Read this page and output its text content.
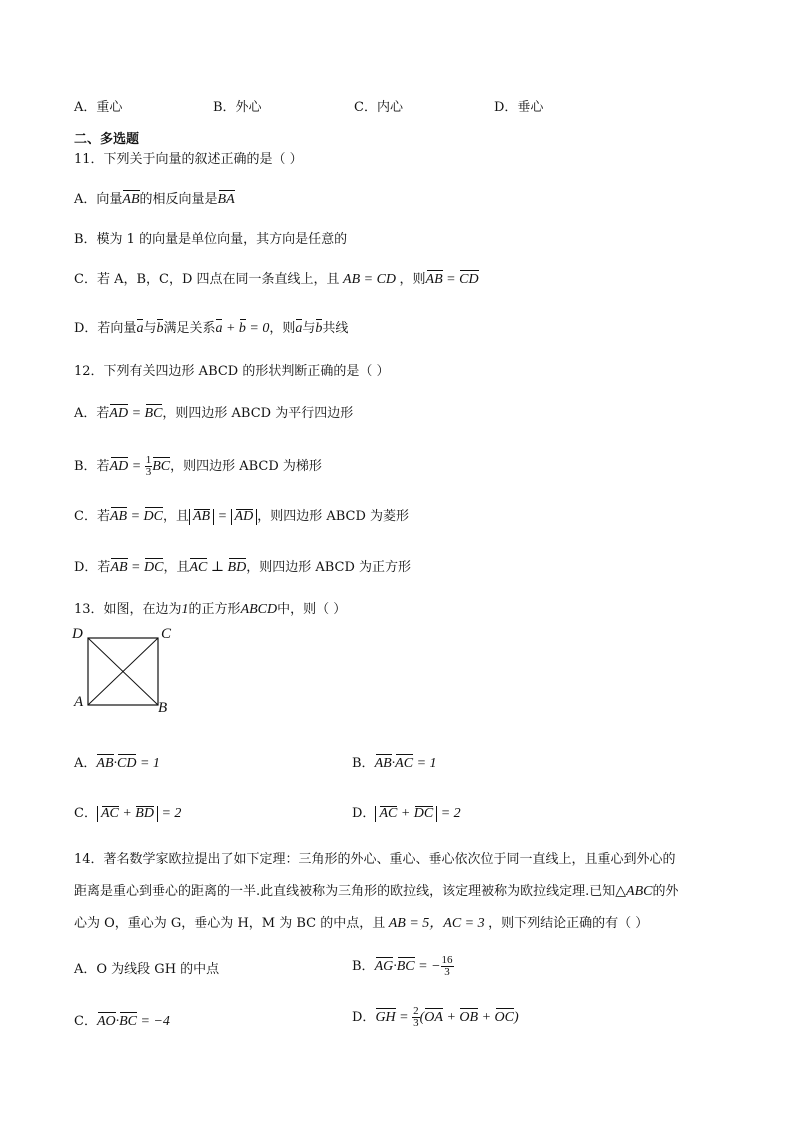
A．重心	B．外心	C．内心	D．垂心
二、多选题
11．下列关于向量的叙述正确的是（ ）
A．向量AB的相反向量是BA
B．模为 1 的向量是单位向量，其方向是任意的
C．若 A，B，C，D 四点在同一条直线上，且 AB = CD ，则AB = CD
D．若向量a与b满足关系a + b = 0，则a与b共线
12．下列有关四边形 ABCD 的形状判断正确的是（ ）
A．若AD = BC，则四边形 ABCD 为平行四边形
B．若AD = $\frac{1}{3}$ BC，则四边形 ABCD 为梯形
C．若AB = DC，且 AB = AD ，则四边形 ABCD 为菱形
D．若AB = DC，且AC ⊥ BD，则四边形 ABCD 为正方形
13．如图，在边为1的正方形ABCD中，则（ ）
D	C
A	B
A．AB·CD = 1	B．AB·AC = 1
C． AC + BD = 2	D． AC + DC = 2
14．著名数学家欧拉提出了如下定理：三角形的外心、重心、垂心依次位于同一直线上，且重心到外心的
距离是重心到垂心的距离的一半.此直线被称为三角形的欧拉线，该定理被称为欧拉线定理.已知△ABC的外
心为 O，重心为 G，垂心为 H，M 为 BC 的中点，且 AB = 5，AC = 3 ，则下列结论正确的有（ ）
A．O 为线段 GH 的中点	B．AG·BC = − $\frac{16}{3}$
C．AO·BC = −4	D．GH = $\frac{2}{3} (OA$ + OB + OC)
